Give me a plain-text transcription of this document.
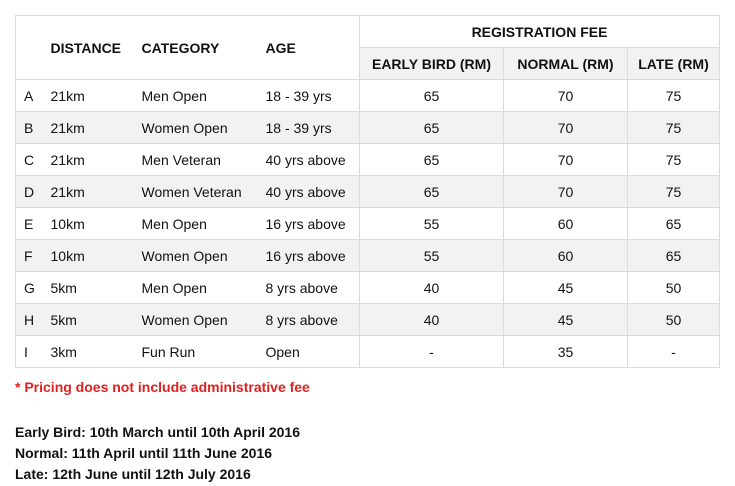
	DISTANCE	CATEGORY	AGE	REGISTRATION FEE		
				EARLY BIRD (RM)	NORMAL (RM)	LATE (RM)
A	21km	Men Open	18 - 39 yrs	65	70	75
B	21km	Women Open	18 - 39 yrs	65	70	75
C	21km	Men Veteran	40 yrs above	65	70	75
D	21km	Women Veteran	40 yrs above	65	70	75
E	10km	Men Open	16 yrs above	55	60	65
F	10km	Women Open	16 yrs above	55	60	65
G	5km	Men Open	8 yrs above	40	45	50
H	5km	Women Open	8 yrs above	40	45	50
I	3km	Fun Run	Open	-	35	-

* Pricing does not include administrative fee

Early Bird: 10th March until 10th April 2016
Normal: 11th April until 11th June 2016
Late: 12th June until 12th July 2016
